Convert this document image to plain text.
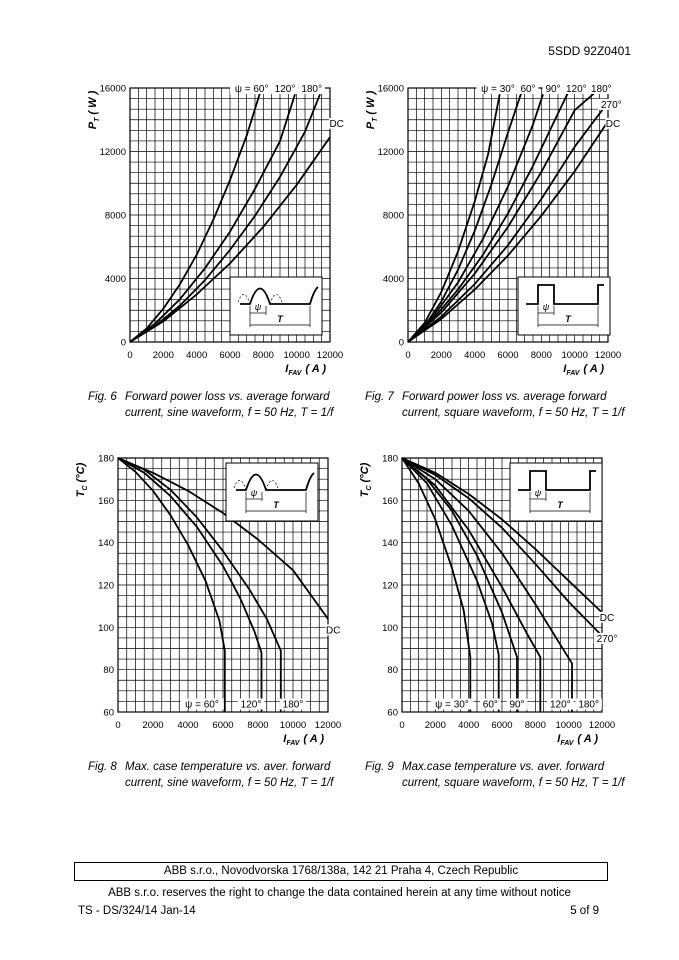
5SDD 92Z0401
0 2000 4000 6000 8000 10000 12000
0
4000
8000
12000
16000
$P_T$( W )
$I_{FAV}$ ( A )
ψ = 60° 120° 180°
DC
ψ
T
0 2000 4000 6000 8000 10000 12000
0
4000
8000
12000
16000
$P_T$( W )
$I_{FAV}$ ( A )
ψ = 30° 60° 90° 120° 180°
270°
DC
ψ
T
0 2000 4000 6000 8000 10000 12000
60
80
100
120
140
160
180
$T_C(^\circ C)$
$I_{FAV}$ ( A )
ψ = 60° 120° 180°
DC
ψ
T
0 2000 4000 6000 8000 10000 12000
60
80
100
120
140
160
180
$T_C(^\circ C)$
$I_{FAV}$ ( A )
ψ = 30° 60° 90°	120° 180°
DC
270°
ψ
T
Fig. 6 Forward power loss vs. average forward
current, sine waveform, f = 50 Hz, T = 1/f
Fig. 7 Forward power loss vs. average forward
current, square waveform, f = 50 Hz, T = 1/f
Fig. 8 Max. case temperature vs. aver. forward
current, sine waveform, f = 50 Hz, T = 1/f
Fig. 9 Max.case temperature vs. aver. forward
current, square waveform, f = 50 Hz, T = 1/f
ABB s.r.o., Novodvorska 1768/138a, 142 21 Praha 4, Czech Republic
ABB s.r.o. reserves the right to change the data contained herein at any time without notice
TS - DS/324/14 Jan-14	5 of 9
